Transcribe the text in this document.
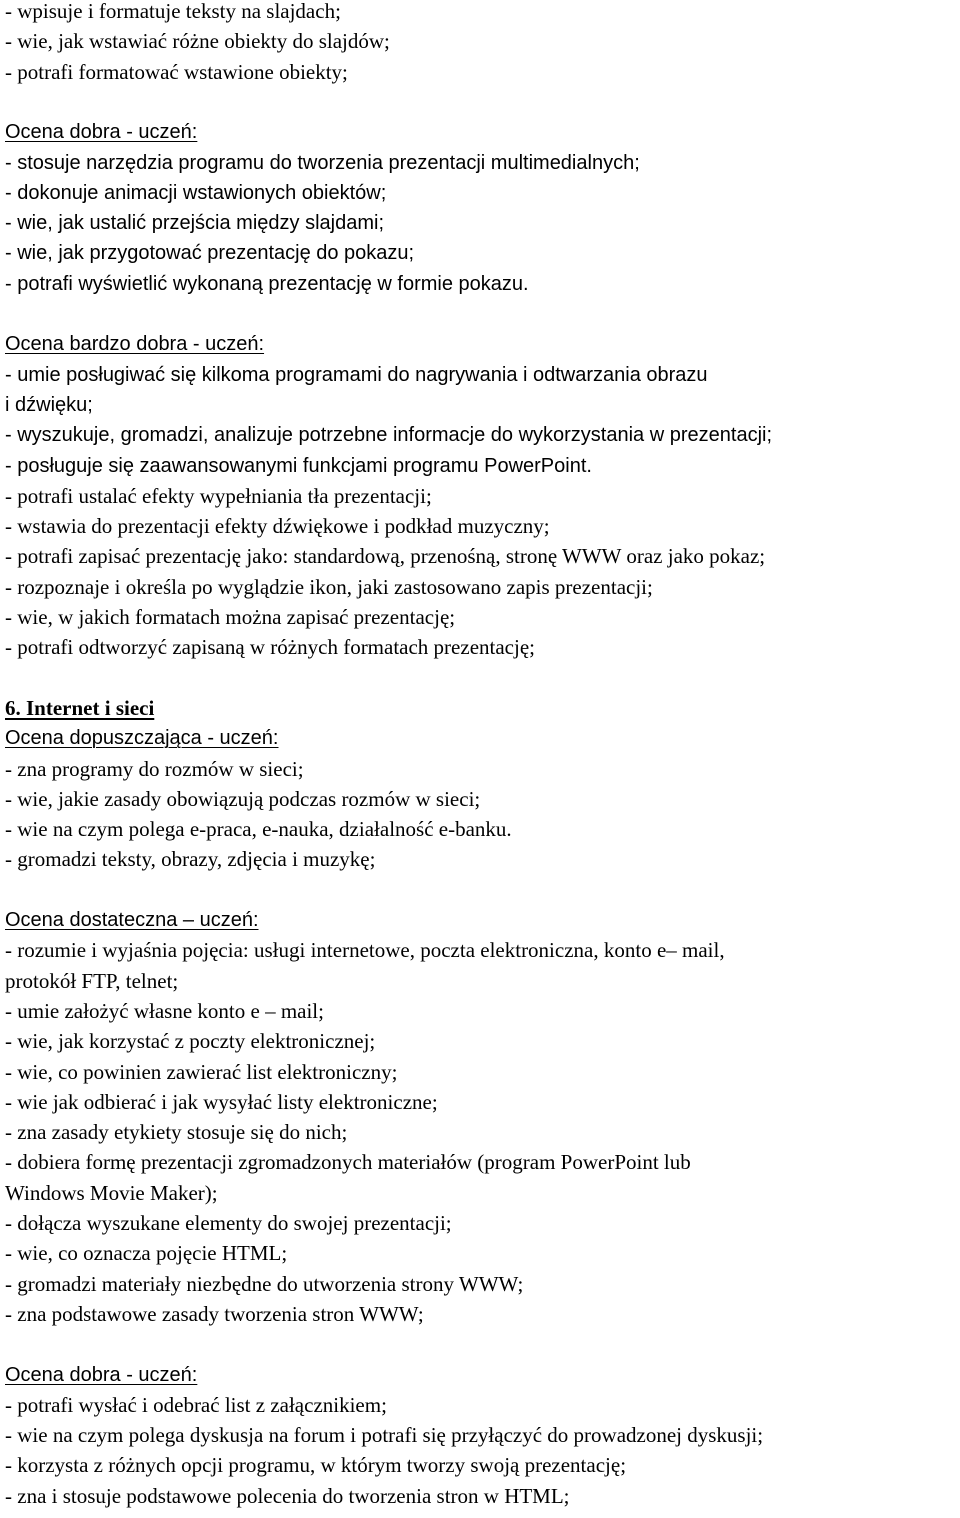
- wpisuje i formatuje teksty na slajdach;
- wie, jak wstawiać różne obiekty do slajdów;
- potrafi formatować wstawione obiekty;
Ocena dobra - uczeń:
- stosuje narzędzia programu do tworzenia prezentacji multimedialnych;
- dokonuje animacji wstawionych obiektów;
- wie, jak ustalić przejścia między slajdami;
- wie, jak przygotować prezentację do pokazu;
- potrafi wyświetlić wykonaną prezentację w formie pokazu.
Ocena bardzo dobra - uczeń:
- umie posługiwać się kilkoma programami do nagrywania i odtwarzania obrazu
i dźwięku;
- wyszukuje, gromadzi, analizuje potrzebne informacje do wykorzystania w prezentacji;
- posługuje się zaawansowanymi funkcjami programu PowerPoint.
- potrafi ustalać efekty wypełniania tła prezentacji;
- wstawia do prezentacji efekty dźwiękowe i podkład muzyczny;
- potrafi zapisać prezentację jako: standardową, przenośną, stronę WWW oraz jako pokaz;
- rozpoznaje i określa po wyglądzie ikon, jaki zastosowano zapis prezentacji;
- wie, w jakich formatach można zapisać prezentację;
- potrafi odtworzyć zapisaną w różnych formatach prezentację;
6. Internet i sieci
Ocena dopuszczająca - uczeń:
- zna programy do rozmów w sieci;
- wie, jakie zasady obowiązują podczas rozmów w sieci;
- wie na czym polega e-praca, e-nauka, działalność e-banku.
- gromadzi teksty, obrazy, zdjęcia i muzykę;
Ocena dostateczna – uczeń:
- rozumie i wyjaśnia pojęcia: usługi internetowe, poczta elektroniczna, konto e– mail,
protokół FTP, telnet;
- umie założyć własne konto e – mail;
- wie, jak korzystać z poczty elektronicznej;
- wie, co powinien zawierać list elektroniczny;
- wie jak odbierać i jak wysyłać listy elektroniczne;
- zna zasady etykiety stosuje się do nich;
- dobiera formę prezentacji zgromadzonych materiałów (program PowerPoint lub
Windows Movie Maker);
- dołącza wyszukane elementy do swojej prezentacji;
- wie, co oznacza pojęcie HTML;
- gromadzi materiały niezbędne do utworzenia strony WWW;
- zna podstawowe zasady tworzenia stron WWW;
Ocena dobra - uczeń:
- potrafi wysłać i odebrać list z załącznikiem;
- wie na czym polega dyskusja na forum i potrafi się przyłączyć do prowadzonej dyskusji;
- korzysta z różnych opcji programu, w którym tworzy swoją prezentację;
- zna i stosuje podstawowe polecenia do tworzenia stron w HTML;
